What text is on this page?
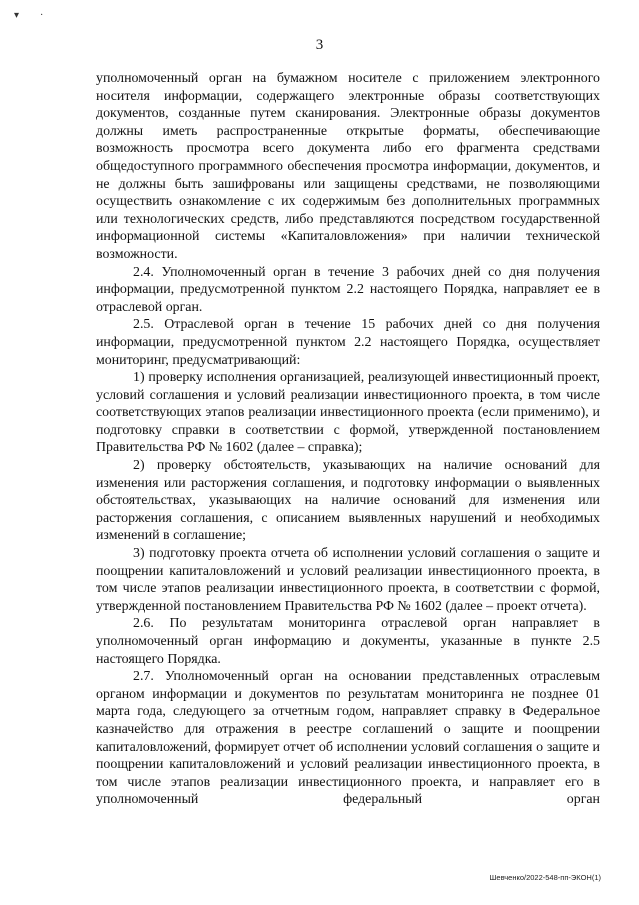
▾ ·
3

уполномоченный орган на бумажном носителе с приложением электронного носителя информации, содержащего электронные образы соответствующих документов, созданные путем сканирования. Электронные образы документов должны иметь распространенные открытые форматы, обеспечивающие возможность просмотра всего документа либо его фрагмента средствами общедоступного программного обеспечения просмотра информации, документов, и не должны быть зашифрованы или защищены средствами, не позволяющими осуществить ознакомление с их содержимым без дополнительных программных или технологических средств, либо представляются посредством государственной информационной системы «Капиталовложения» при наличии технической возможности.

2.4. Уполномоченный орган в течение 3 рабочих дней со дня получения информации, предусмотренной пунктом 2.2 настоящего Порядка, направляет ее в отраслевой орган.

2.5. Отраслевой орган в течение 15 рабочих дней со дня получения информации, предусмотренной пунктом 2.2 настоящего Порядка, осуществляет мониторинг, предусматривающий:

1) проверку исполнения организацией, реализующей инвестиционный проект, условий соглашения и условий реализации инвестиционного проекта, в том числе соответствующих этапов реализации инвестиционного проекта (если применимо), и подготовку справки в соответствии с формой, утвержденной постановлением Правительства РФ № 1602 (далее – справка);

2) проверку обстоятельств, указывающих на наличие оснований для изменения или расторжения соглашения, и подготовку информации о выявленных обстоятельствах, указывающих на наличие оснований для изменения или расторжения соглашения, с описанием выявленных нарушений и необходимых изменений в соглашение;

3) подготовку проекта отчета об исполнении условий соглашения о защите и поощрении капиталовложений и условий реализации инвестиционного проекта, в том числе этапов реализации инвестиционного проекта, в соответствии с формой, утвержденной постановлением Правительства РФ № 1602 (далее – проект отчета).

2.6. По результатам мониторинга отраслевой орган направляет в уполномоченный орган информацию и документы, указанные в пункте 2.5 настоящего Порядка.

2.7. Уполномоченный орган на основании представленных отраслевым органом информации и документов по результатам мониторинга не позднее 01 марта года, следующего за отчетным годом, направляет справку в Федеральное казначейство для отражения в реестре соглашений о защите и поощрении капиталовложений, формирует отчет об исполнении условий соглашения о защите и поощрении капиталовложений и условий реализации инвестиционного проекта, в том числе этапов реализации инвестиционного проекта, и направляет его в уполномоченный федеральный орган

Шевченко/2022-548-пп-ЭКОН(1)
